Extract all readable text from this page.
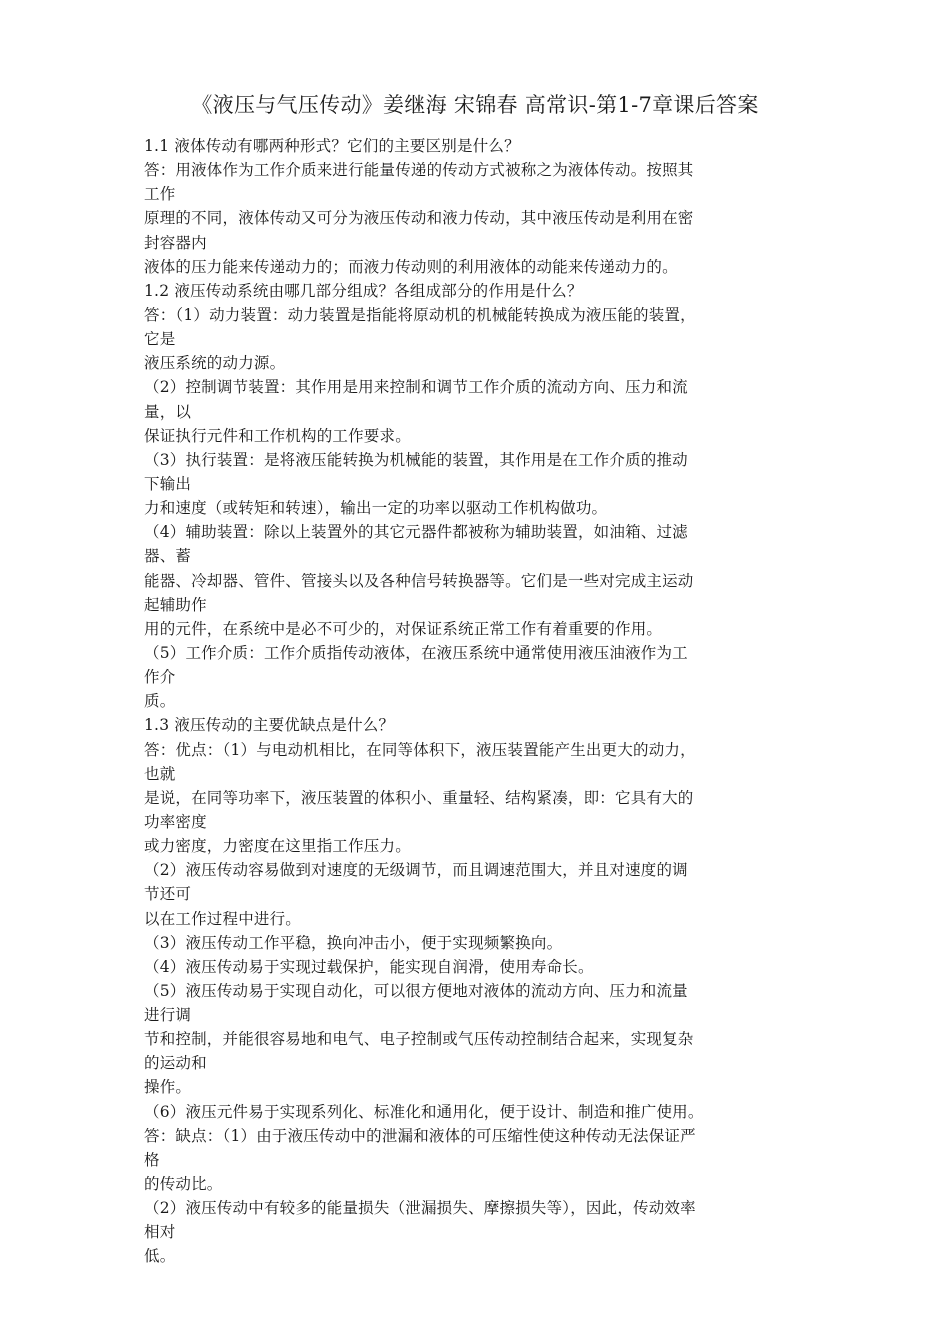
《液压与气压传动》姜继海 宋锦春 高常识-第1-7章课后答案
1.1 液体传动有哪两种形式？它们的主要区别是什么？
答：用液体作为工作介质来进行能量传递的传动方式被称之为液体传动。按照其
工作
原理的不同，液体传动又可分为液压传动和液力传动，其中液压传动是利用在密
封容器内
液体的压力能来传递动力的；而液力传动则的利用液体的动能来传递动力的。
1.2 液压传动系统由哪几部分组成？各组成部分的作用是什么？
答：（1）动力装置：动力装置是指能将原动机的机械能转换成为液压能的装置，
它是
液压系统的动力源。
（2）控制调节装置：其作用是用来控制和调节工作介质的流动方向、压力和流
量，以
保证执行元件和工作机构的工作要求。
（3）执行装置：是将液压能转换为机械能的装置，其作用是在工作介质的推动
下输出
力和速度（或转矩和转速），输出一定的功率以驱动工作机构做功。
（4）辅助装置：除以上装置外的其它元器件都被称为辅助装置，如油箱、过滤
器、蓄
能器、冷却器、管件、管接头以及各种信号转换器等。它们是一些对完成主运动
起辅助作
用的元件，在系统中是必不可少的，对保证系统正常工作有着重要的作用。
（5）工作介质：工作介质指传动液体，在液压系统中通常使用液压油液作为工
作介
质。
1.3 液压传动的主要优缺点是什么？
答：优点：（1）与电动机相比，在同等体积下，液压装置能产生出更大的动力，
也就
是说，在同等功率下，液压装置的体积小、重量轻、结构紧凑，即：它具有大的
功率密度
或力密度，力密度在这里指工作压力。
（2）液压传动容易做到对速度的无级调节，而且调速范围大，并且对速度的调
节还可
以在工作过程中进行。
（3）液压传动工作平稳，换向冲击小，便于实现频繁换向。
（4）液压传动易于实现过载保护，能实现自润滑，使用寿命长。
（5）液压传动易于实现自动化，可以很方便地对液体的流动方向、压力和流量
进行调
节和控制，并能很容易地和电气、电子控制或气压传动控制结合起来，实现复杂
的运动和
操作。
（6）液压元件易于实现系列化、标准化和通用化，便于设计、制造和推广使用。
答：缺点：（1）由于液压传动中的泄漏和液体的可压缩性使这种传动无法保证严
格
的传动比。
（2）液压传动中有较多的能量损失（泄漏损失、摩擦损失等），因此，传动效率
相对
低。
